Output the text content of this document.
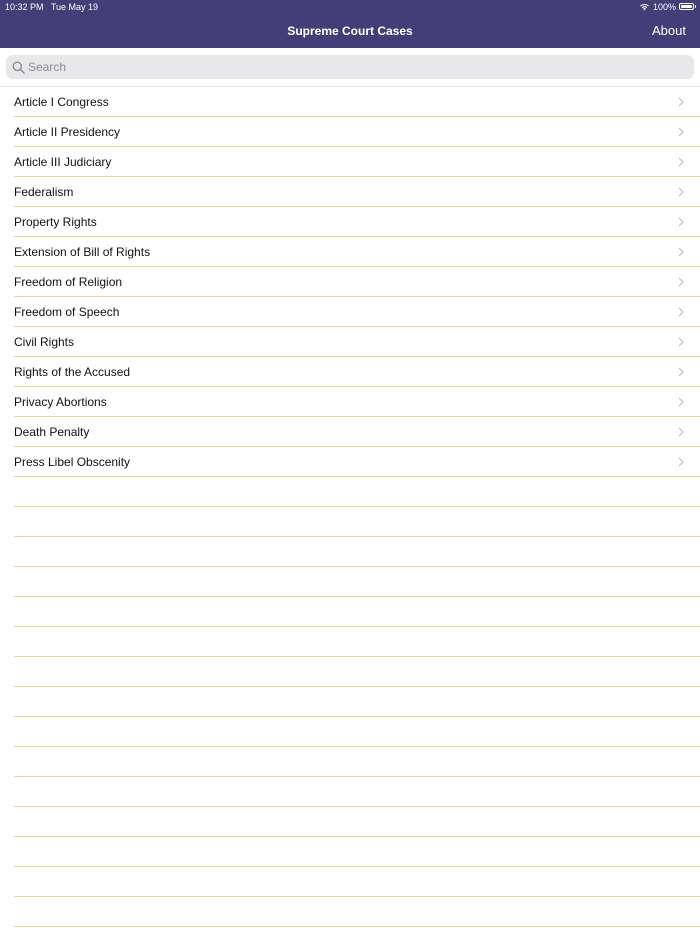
10:32 PM Tue May 19	100%
Supreme Court Cases	About
Search
Article I Congress
Article II Presidency
Article III Judiciary
Federalism
Property Rights
Extension of Bill of Rights
Freedom of Religion
Freedom of Speech
Civil Rights
Rights of the Accused
Privacy Abortions
Death Penalty
Press Libel Obscenity
